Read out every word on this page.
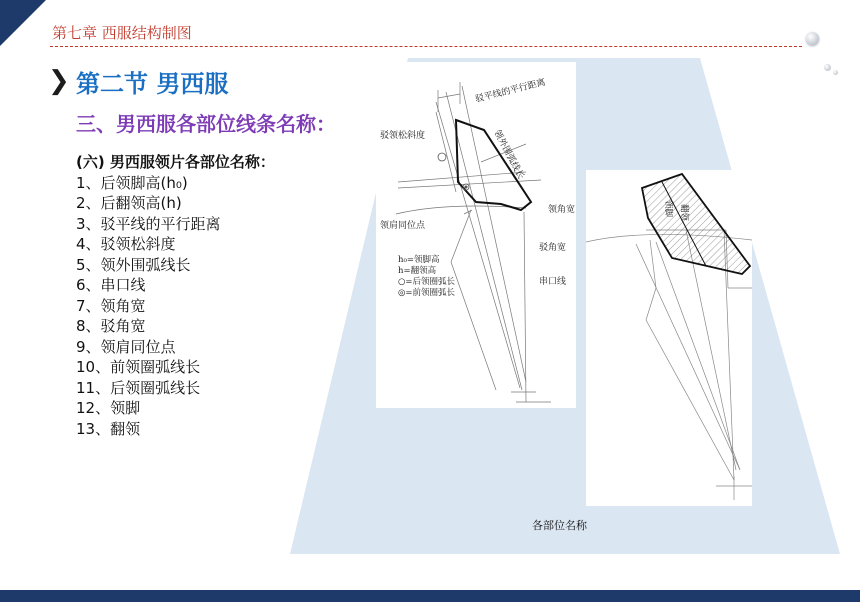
第七章 西服结构制图
❯ 第二节 男西服
三、男西服各部位线条名称：
(六) 男西服领片各部位名称：
1、后领脚高(h₀)
2、后翻领高(h)
3、驳平线的平行距离
4、驳领松斜度
5、领外围弧线长
6、串口线
7、领角宽
8、驳角宽
9、领肩同位点
10、前领圈弧线长
11、后领圈弧线长
12、领脚
13、翻领
驳平线的平行距离
驳领松斜度	领外围弧线长
领角宽
领肩同位点
驳角宽
串口线
h₀=领脚高
h=翻领高
○=后领圈弧长
◎=前领圈弧长
领脚 翻领
各部位名称
